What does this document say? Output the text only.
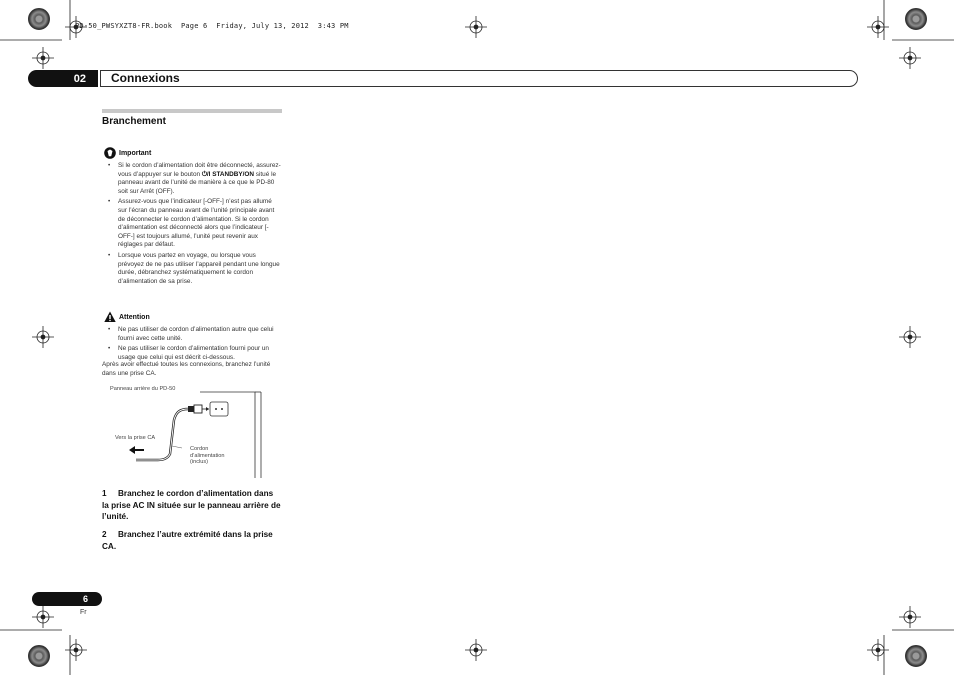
PD-50_PWSYXZT8-FR.book  Page 6  Friday, July 13, 2012  3:43 PM
02 Connexions
Branchement
Important
• Si le cordon d’alimentation doit être déconnecté, assurez-vous d’appuyer sur le bouton ⏻/I STANDBY/ON situé le panneau avant de l’unité de manière à ce que le PD-80 soit sur Arrêt (OFF).
• Assurez-vous que l’indicateur [-OFF-] n’est pas allumé sur l’écran du panneau avant de l’unité principale avant de déconnecter le cordon d’alimentation. Si le cordon d’alimentation est déconnecté alors que l’indicateur [-OFF-] est toujours allumé, l’unité peut revenir aux réglages par défaut.
• Lorsque vous partez en voyage, ou lorsque vous prévoyez de ne pas utiliser l’appareil pendant une longue durée, débranchez systématiquement le cordon d’alimentation de sa prise.
Attention
• Ne pas utiliser de cordon d’alimentation autre que celui fourni avec cette unité.
• Ne pas utiliser le cordon d’alimentation fourni pour un usage que celui qui est décrit ci-dessous.
Après avoir effectué toutes les connexions, branchez l’unité dans une prise CA.
Panneau arrière du PD-50
Vers la prise CA
Cordon
d’alimentation
(inclus)
1 Branchez le cordon d’alimentation dans la prise AC IN située sur le panneau arrière de l’unité.
2 Branchez l’autre extrémité dans la prise CA.
6
Fr
